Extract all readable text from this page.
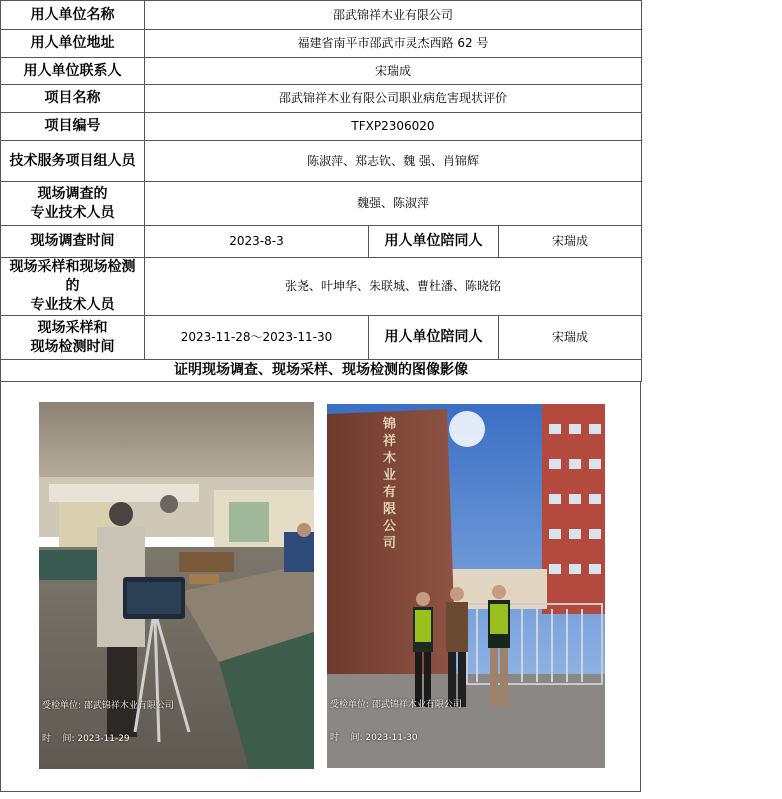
用人单位名称	邵武锦祥木业有限公司		
用人单位地址	福建省南平市邵武市灵杰西路 62 号		
用人单位联系人	宋瑞成		
项目名称	邵武锦祥木业有限公司职业病危害现状评价		
项目编号	TFXP2306020		
技术服务项目组人员	陈淑萍、郑志钦、魏 强、肖锦辉		
现场调查的
专业技术人员	魏强、陈淑萍		
现场调查时间	2023-8-3	用人单位陪同人	宋瑞成
现场采样和现场检测的
专业技术人员	张尧、叶坤华、朱联城、曹杜潘、陈晓铭		
现场采样和
现场检测时间	2023-11-28～2023-11-30	用人单位陪同人	宋瑞成
证明现场调查、现场采样、现场检测的图像影像			

受检单位: 邵武锦祥木业有限公司

时    间: 2023-11-29

锦祥木业有限公司

受检单位: 邵武锦祥木业有限公司

时    间: 2023-11-30
